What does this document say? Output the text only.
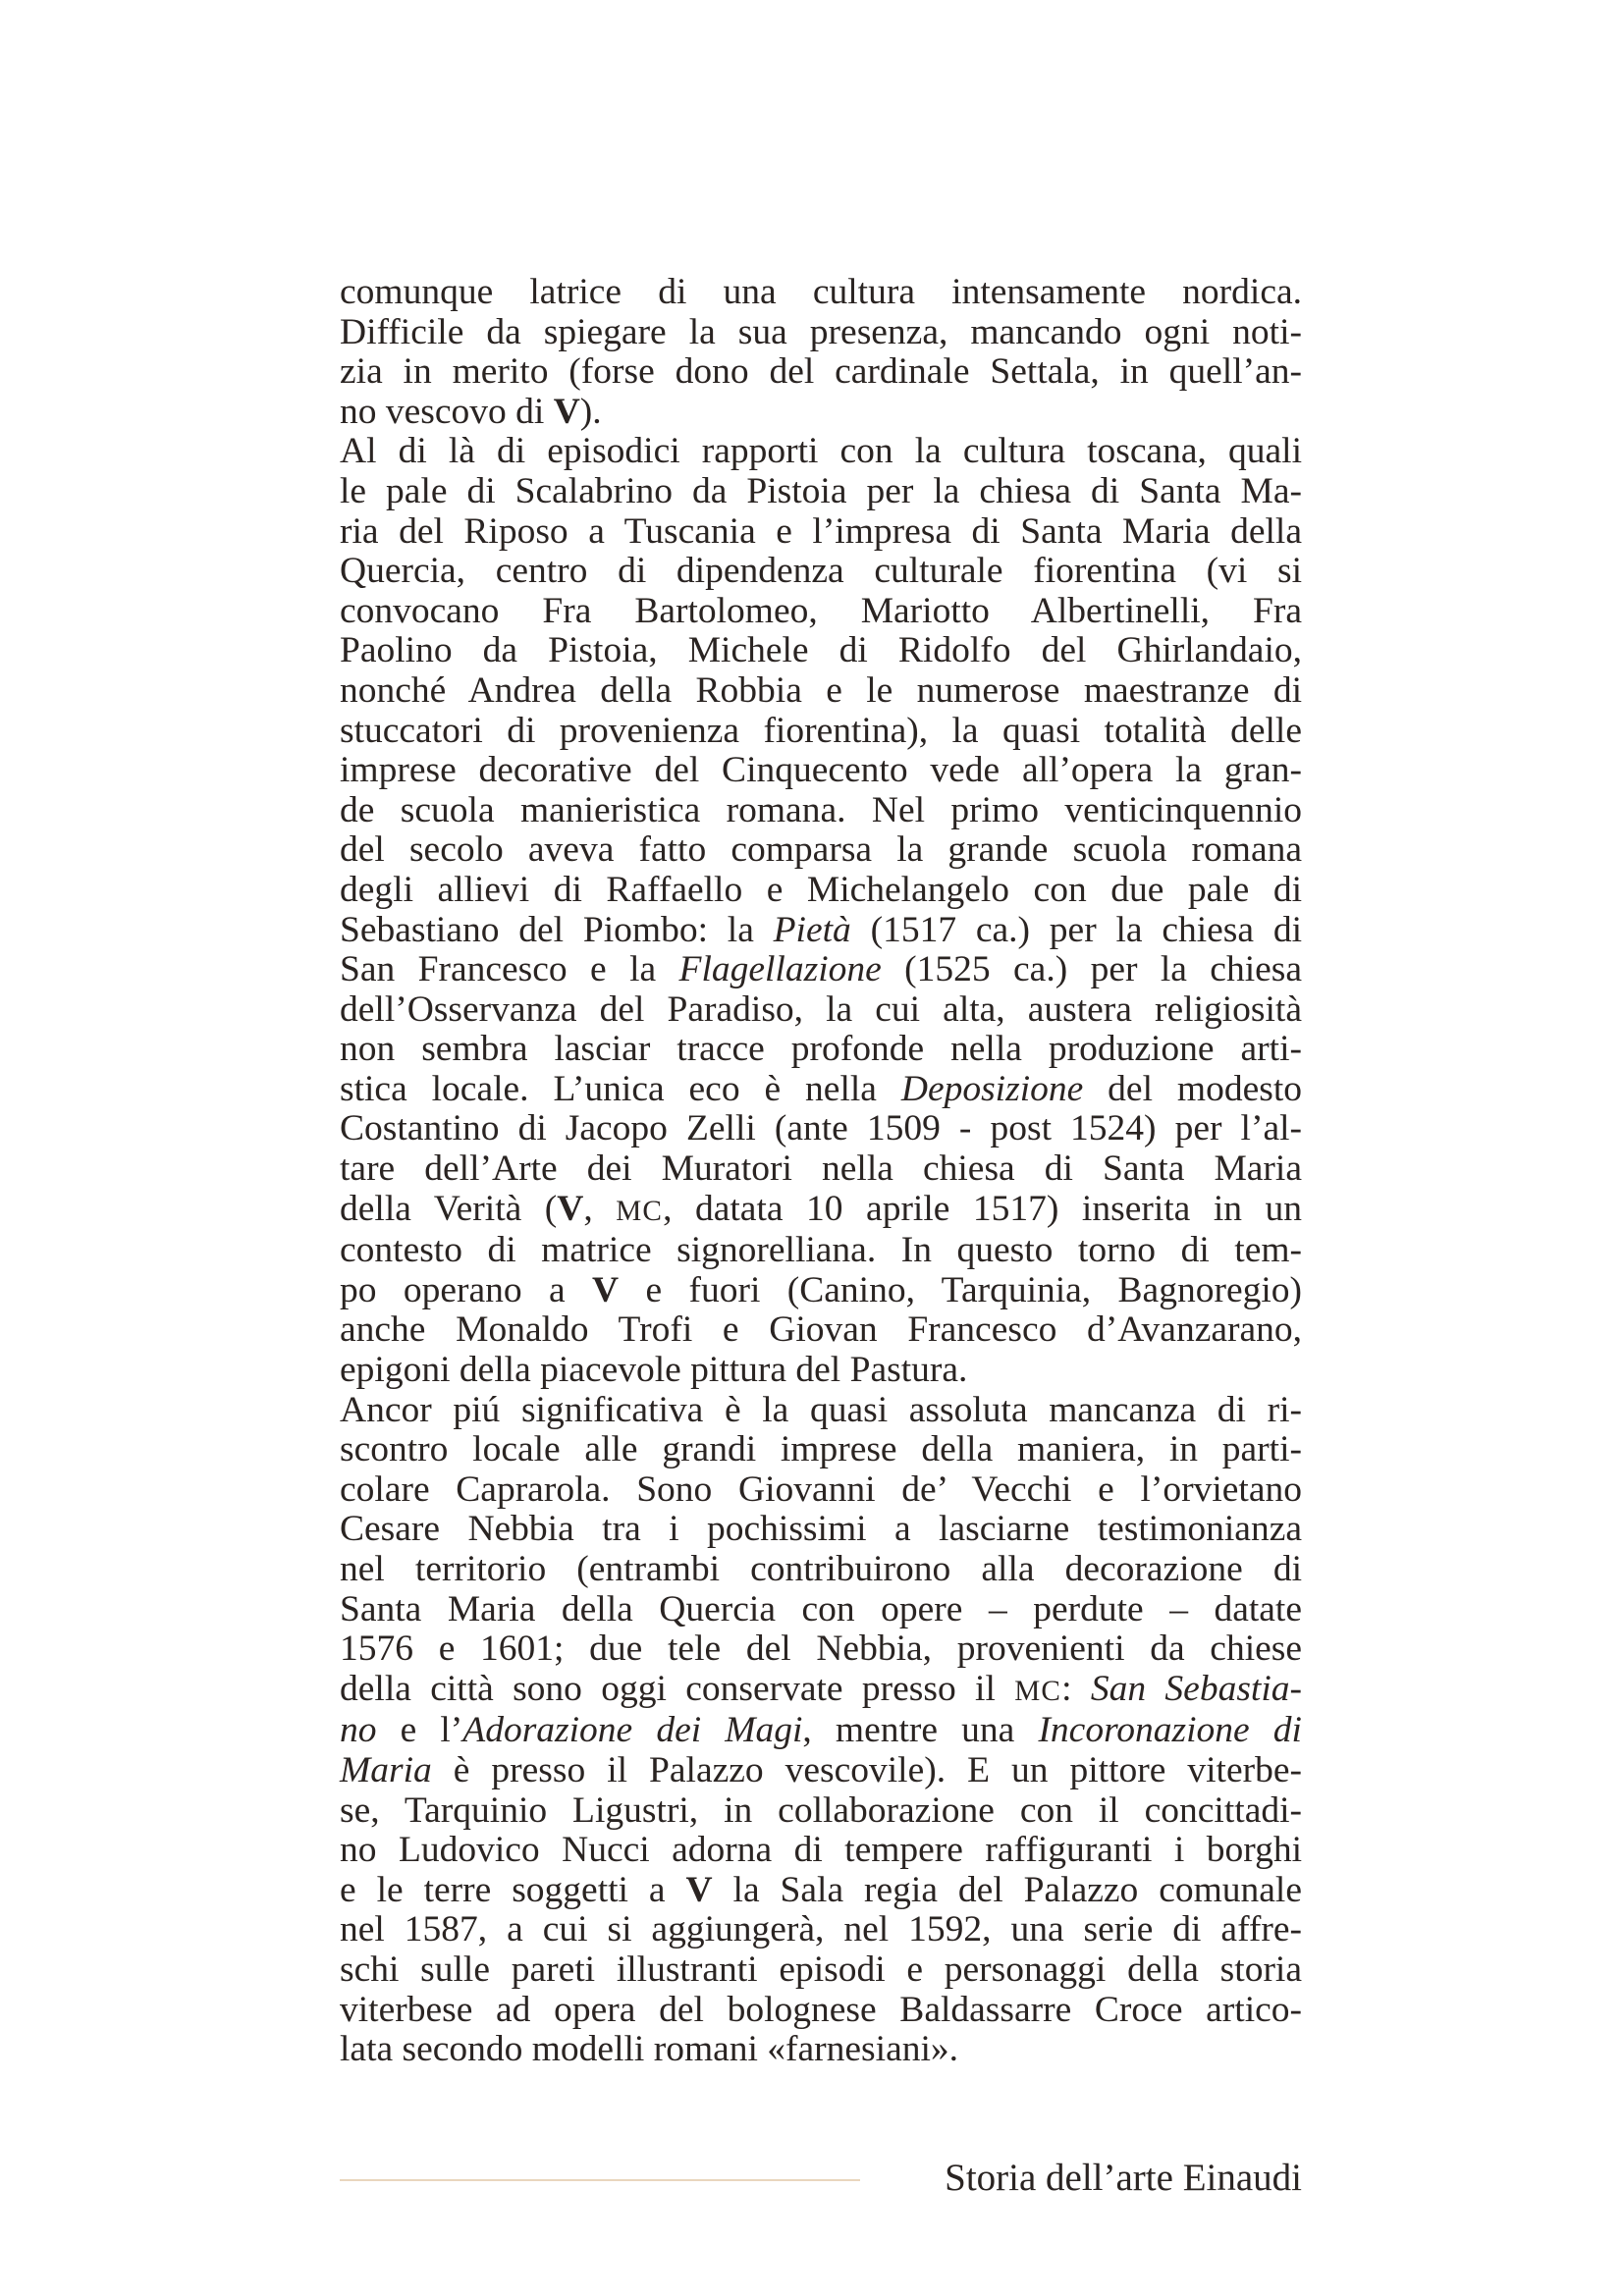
comunque latrice di una cultura intensamente nordica.
Difficile da spiegare la sua presenza, mancando ogni noti-
zia in merito (forse dono del cardinale Settala, in quell’an-
no vescovo di V).
Al di là di episodici rapporti con la cultura toscana, quali
le pale di Scalabrino da Pistoia per la chiesa di Santa Ma-
ria del Riposo a Tuscania e l’impresa di Santa Maria della
Quercia, centro di dipendenza culturale fiorentina (vi si
convocano Fra Bartolomeo, Mariotto Albertinelli, Fra
Paolino da Pistoia, Michele di Ridolfo del Ghirlandaio,
nonché Andrea della Robbia e le numerose maestranze di
stuccatori di provenienza fiorentina), la quasi totalità delle
imprese decorative del Cinquecento vede all’opera la gran-
de scuola manieristica romana. Nel primo venticinquennio
del secolo aveva fatto comparsa la grande scuola romana
degli allievi di Raffaello e Michelangelo con due pale di
Sebastiano del Piombo: la Pietà (1517 ca.) per la chiesa di
San Francesco e la Flagellazione (1525 ca.) per la chiesa
dell’Osservanza del Paradiso, la cui alta, austera religiosità
non sembra lasciar tracce profonde nella produzione arti-
stica locale. L’unica eco è nella Deposizione del modesto
Costantino di Jacopo Zelli (ante 1509 - post 1524) per l’al-
tare dell’Arte dei Muratori nella chiesa di Santa Maria
della Verità (V, MC, datata 10 aprile 1517) inserita in un
contesto di matrice signorelliana. In questo torno di tem-
po operano a V e fuori (Canino, Tarquinia, Bagnoregio)
anche Monaldo Trofi e Giovan Francesco d’Avanzarano,
epigoni della piacevole pittura del Pastura.
Ancor piú significativa è la quasi assoluta mancanza di ri-
scontro locale alle grandi imprese della maniera, in parti-
colare Caprarola. Sono Giovanni de’ Vecchi e l’orvietano
Cesare Nebbia tra i pochissimi a lasciarne testimonianza
nel territorio (entrambi contribuirono alla decorazione di
Santa Maria della Quercia con opere – perdute – datate
1576 e 1601; due tele del Nebbia, provenienti da chiese
della città sono oggi conservate presso il MC: San Sebastia-
no e l’Adorazione dei Magi, mentre una Incoronazione di
Maria è presso il Palazzo vescovile). E un pittore viterbe-
se, Tarquinio Ligustri, in collaborazione con il concittadi-
no Ludovico Nucci adorna di tempere raffiguranti i borghi
e le terre soggetti a V la Sala regia del Palazzo comunale
nel 1587, a cui si aggiungerà, nel 1592, una serie di affre-
schi sulle pareti illustranti episodi e personaggi della storia
viterbese ad opera del bolognese Baldassarre Croce artico-
lata secondo modelli romani «farnesiani».
Storia dell’arte Einaudi
